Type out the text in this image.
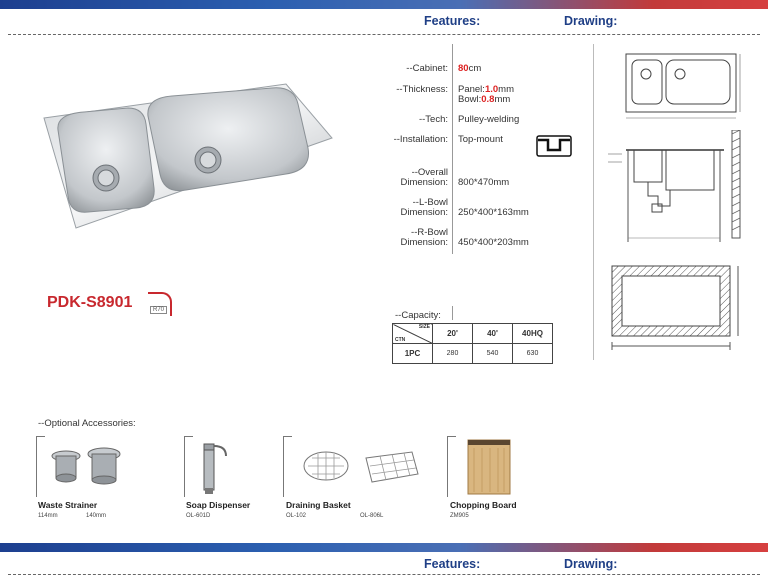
Features:	Drawing:
PDK-S8901	R70
--Cabinet: 80cm
--Thickness: Panel:1.0mm
Bowl:0.8mm
--Tech: Pulley-welding
--Installation: Top-mount
--Overall
Dimension: 800*470mm
--L-Bowl
Dimension: 250*400*163mm
--R-Bowl
Dimension: 450*400*203mm
--Capacity:
SIZE
CTN	20'	40'	40HQ
1PC	280	540	630
--Optional Accessories:
Waste Strainer
114mm	140mm
Soap Dispenser
OL-601D
Draining Basket
OL-102	OL-806L
Chopping Board
ZM905
Features:	Drawing:
